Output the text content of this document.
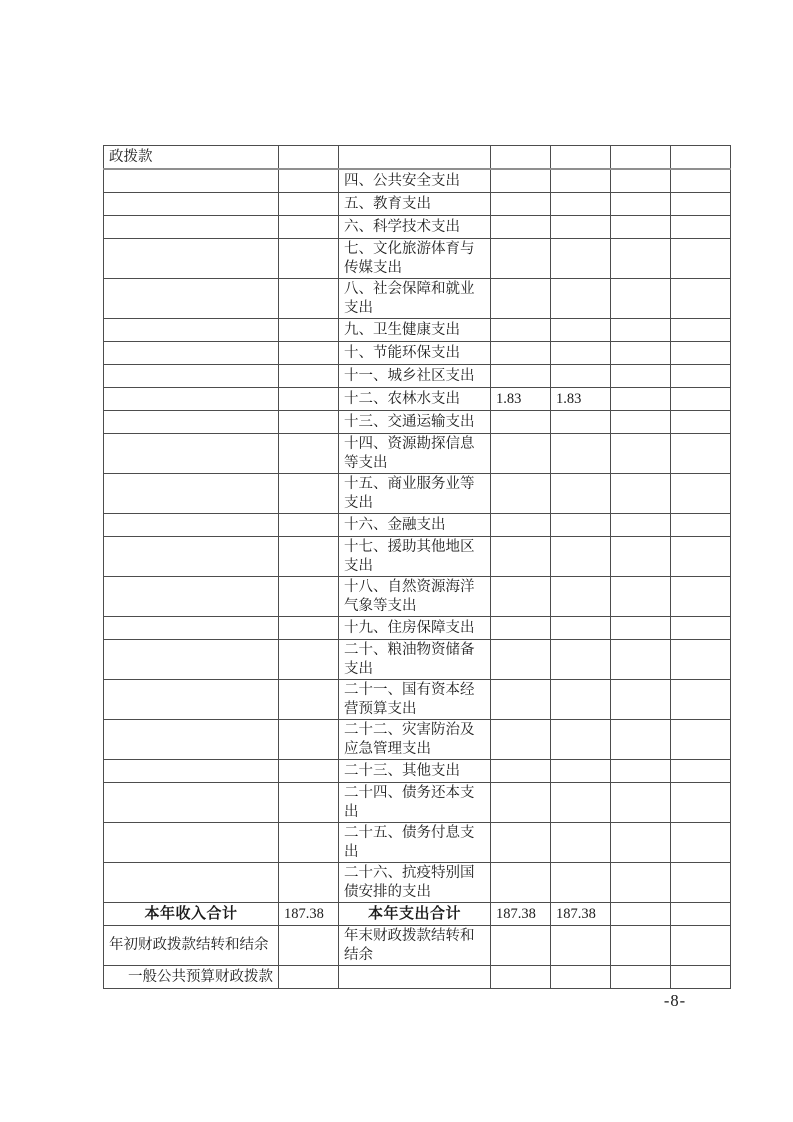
政拨款						
		四、公共安全支出				
		五、教育支出				
		六、科学技术支出				
		七、文化旅游体育与传媒支出				
		八、社会保障和就业支出				
		九、卫生健康支出				
		十、节能环保支出				
		十一、城乡社区支出				
		十二、农林水支出	1.83	1.83		
		十三、交通运输支出				
		十四、资源勘探信息等支出				
		十五、商业服务业等支出				
		十六、金融支出				
		十七、援助其他地区支出				
		十八、自然资源海洋气象等支出				
		十九、住房保障支出				
		二十、粮油物资储备支出				
		二十一、国有资本经营预算支出				
		二十二、灾害防治及应急管理支出				
		二十三、其他支出				
		二十四、债务还本支出				
		二十五、债务付息支出				
		二十六、抗疫特别国债安排的支出				
本年收入合计	187.38	本年支出合计	187.38	187.38		
年初财政拨款结转和结余		年末财政拨款结转和结余				
一般公共预算财政拨款						
-8-
